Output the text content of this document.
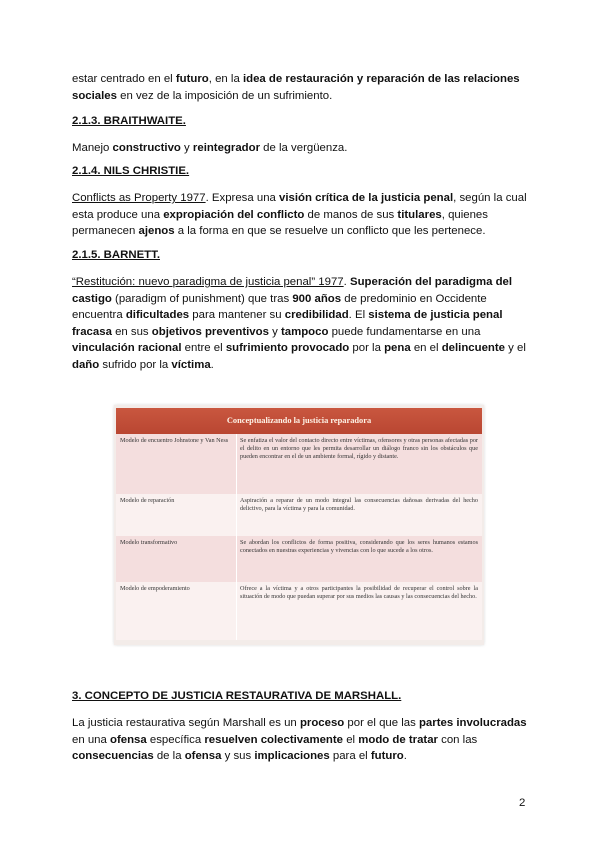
estar centrado en el futuro, en la idea de restauración y reparación de las relaciones sociales en vez de la imposición de un sufrimiento.

2.1.3. BRAITHWAITE.

Manejo constructivo y reintegrador de la vergüenza.

2.1.4. NILS CHRISTIE.

Conflicts as Property 1977. Expresa una visión crítica de la justicia penal, según la cual esta produce una expropiación del conflicto de manos de sus titulares, quienes permanecen ajenos a la forma en que se resuelve un conflicto que les pertenece.

2.1.5. BARNETT.

“Restitución: nuevo paradigma de justicia penal” 1977. Superación del paradigma del castigo (paradigm of punishment) que tras 900 años de predominio en Occidente encuentra dificultades para mantener su credibilidad. El sistema de justicia penal fracasa en sus objetivos preventivos y tampoco puede fundamentarse en una vinculación racional entre el sufrimiento provocado por la pena en el delincuente y el daño sufrido por la víctima.

Conceptualizando la justicia reparadora
Modelo de encuentro Johnstone y Van Ness	Se enfatiza el valor del contacto directo entre víctimas, ofensores y otras personas afectadas por el delito en un entorno que les permita desarrollar un diálogo franco sin los obstáculos que pueden encontrar en el de un ambiente formal, rígido y distante.
Modelo de reparación	Aspiración a reparar de un modo integral las consecuencias dañosas derivadas del hecho delictivo, para la víctima y para la comunidad.
Modelo transformativo	Se abordan los conflictos de forma positiva, considerando que los seres humanos estamos conectados en nuestras experiencias y vivencias con lo que sucede a los otros.
Modelo de empoderamiento	Ofrece a la víctima y a otros participantes la posibilidad de recuperar el control sobre la situación de modo que puedan superar por sus medios las causas y las consecuencias del hecho.

3. CONCEPTO DE JUSTICIA RESTAURATIVA DE MARSHALL.

La justicia restaurativa según Marshall es un proceso por el que las partes involucradas en una ofensa específica resuelven colectivamente el modo de tratar con las consecuencias de la ofensa y sus implicaciones para el futuro.

2
